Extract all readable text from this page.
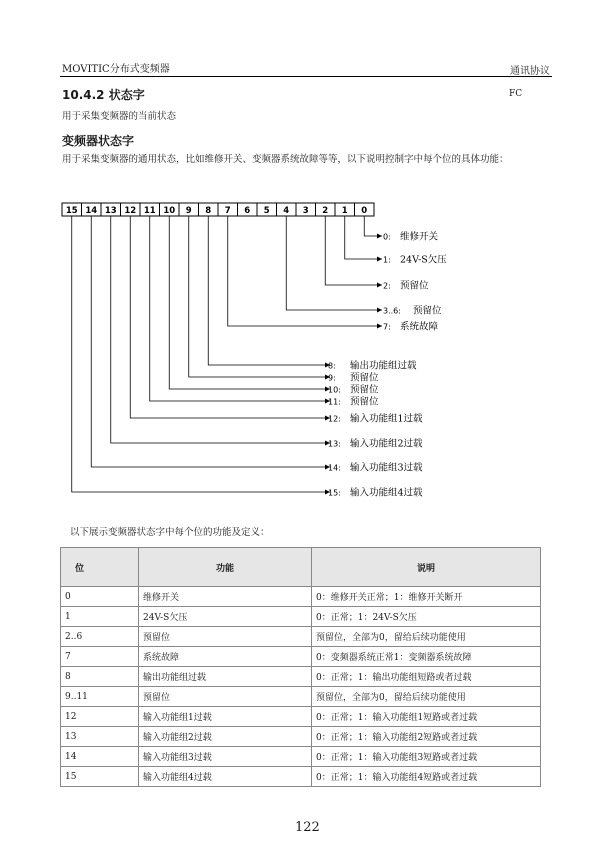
MOVITIC分布式变频器	通讯协议
10.4.2 状态字	FC
用于采集变频器的当前状态
变频器状态字
用于采集变频器的通用状态，比如维修开关、变频器系统故障等等，以下说明控制字中每个位的具体功能：
15 14 13 12 11 10 9 8 7 6 5 4 3 2 1 0
0: 维修开关
1: 24V-S欠压
2: 预留位
3..6: 预留位
7: 系统故障
8: 输出功能组过载
9: 预留位
10: 预留位
11: 预留位
12: 输入功能组1过载
13: 输入功能组2过载
14: 输入功能组3过载
15: 输入功能组4过载
以下展示变频器状态字中每个位的功能及定义：
位	功能	说明
0	维修开关	0：维修开关正常；1：维修开关断开
1	24V-S欠压	0：正常；1：24V-S欠压
2..6	预留位	预留位，全部为0，留给后续功能使用
7	系统故障	0：变频器系统正常1：变频器系统故障
8	输出功能组过载	0：正常；1：输出功能组短路或者过载
9..11	预留位	预留位，全部为0，留给后续功能使用
12	输入功能组1过载	0：正常；1：输入功能组1短路或者过载
13	输入功能组2过载	0：正常；1：输入功能组2短路或者过载
14	输入功能组3过载	0：正常；1：输入功能组3短路或者过载
15	输入功能组4过载	0：正常；1：输入功能组4短路或者过载
122
